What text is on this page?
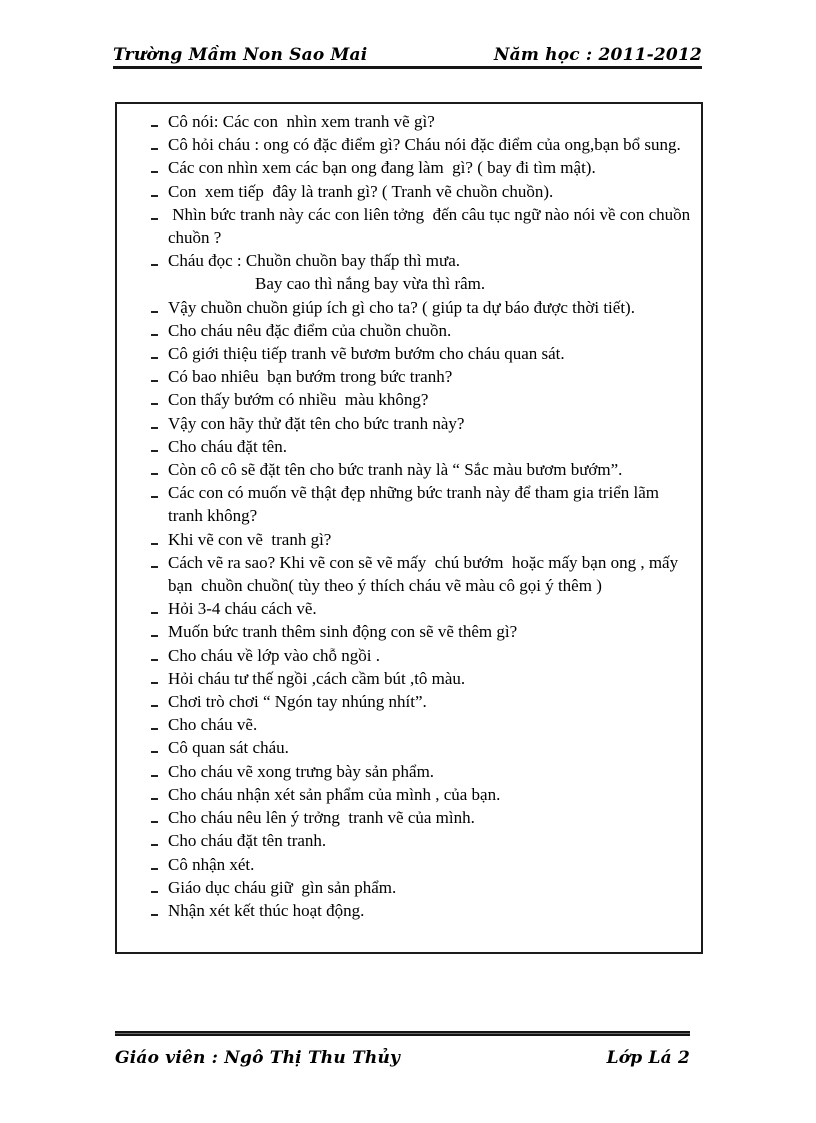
Trường Mầm Non Sao Mai	Năm học : 2011-2012
Cô nói: Các con  nhìn xem tranh vẽ gì?
Cô hỏi cháu : ong có đặc điểm gì? Cháu nói đặc điểm của ong,bạn bổ sung.
Các con nhìn xem các bạn ong đang làm  gì? ( bay đi tìm mật).
Con  xem tiếp  đây là tranh gì? ( Tranh vẽ chuồn chuồn).
Nhìn bức tranh này các con liên tởng  đến câu tục ngữ nào nói về con chuồn chuồn ?
Cháu đọc : Chuồn chuồn bay thấp thì mưa.
Bay cao thì nắng bay vừa thì râm.
Vậy chuồn chuồn giúp ích gì cho ta? ( giúp ta dự báo được thời tiết).
Cho cháu nêu đặc điểm của chuồn chuồn.
Cô giới thiệu tiếp tranh vẽ bươm bướm cho cháu quan sát.
Có bao nhiêu  bạn bướm trong bức tranh?
Con thấy bướm có nhiều  màu không?
Vậy con hãy thử đặt tên cho bức tranh này?
Cho cháu đặt tên.
Còn cô cô sẽ đặt tên cho bức tranh này là “ Sắc màu bươm bướm”.
Các con có muốn vẽ thật đẹp những bức tranh này để tham gia triển lãm  tranh không?
Khi vẽ con vẽ  tranh gì?
Cách vẽ ra sao? Khi vẽ con sẽ vẽ mấy  chú bướm  hoặc mấy bạn ong , mấy bạn  chuồn chuồn( tùy theo ý thích cháu vẽ màu cô gọi ý thêm )
Hỏi 3-4 cháu cách vẽ.
Muốn bức tranh thêm sinh động con sẽ vẽ thêm gì?
Cho cháu về lớp vào chỗ ngồi .
Hỏi cháu tư thế ngồi ,cách cầm bút ,tô màu.
Chơi trò chơi “ Ngón tay nhúng nhít”.
Cho cháu vẽ.
Cô quan sát cháu.
Cho cháu vẽ xong trưng bày sản phẩm.
Cho cháu nhận xét sản phẩm của mình , của bạn.
Cho cháu nêu lên ý trởng  tranh vẽ của mình.
Cho cháu đặt tên tranh.
Cô nhận xét.
Giáo dục cháu giữ  gìn sản phẩm.
Nhận xét kết thúc hoạt động.
Giáo viên : Ngô Thị Thu Thủy	Lớp Lá 2
